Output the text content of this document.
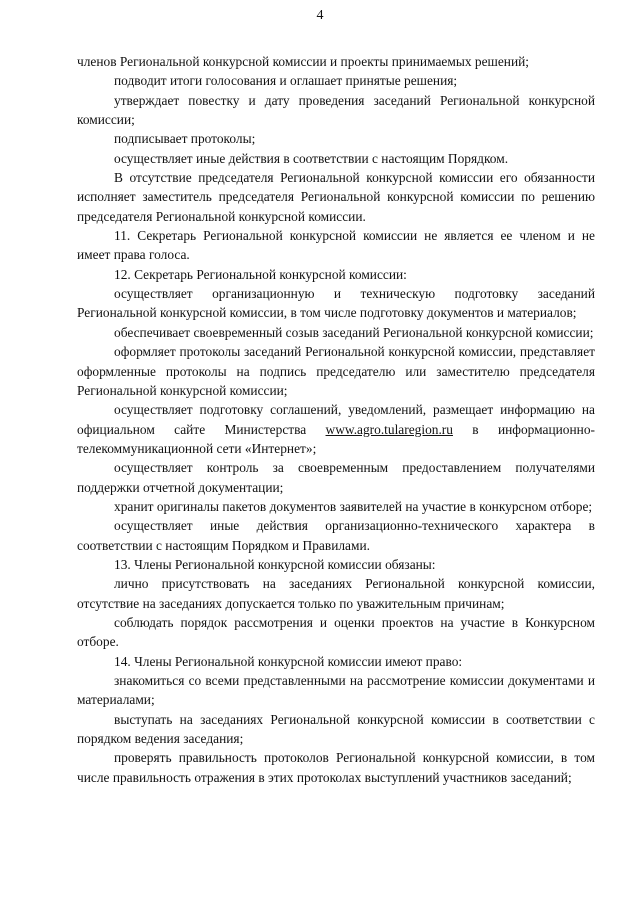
4

членов Региональной конкурсной комиссии и проекты принимаемых решений;

подводит итоги голосования и оглашает принятые решения;

утверждает повестку и дату проведения заседаний Региональной конкурсной комиссии;

подписывает протоколы;

осуществляет иные действия в соответствии с настоящим Порядком.

В отсутствие председателя Региональной конкурсной комиссии его обязанности исполняет заместитель председателя Региональной конкурсной комиссии по решению председателя Региональной конкурсной комиссии.

11. Секретарь Региональной конкурсной комиссии не является ее членом и не имеет права голоса.

12. Секретарь Региональной конкурсной комиссии:

осуществляет организационную и техническую подготовку заседаний Региональной конкурсной комиссии, в том числе подготовку документов и материалов;

обеспечивает своевременный созыв заседаний Региональной конкурсной комиссии;

оформляет протоколы заседаний Региональной конкурсной комиссии, представляет оформленные протоколы на подпись председателю или заместителю председателя Региональной конкурсной комиссии;

осуществляет подготовку соглашений, уведомлений, размещает информацию на официальном сайте Министерства www.agro.tularegion.ru в информационно-телекоммуникационной сети «Интернет»;

осуществляет контроль за своевременным предоставлением получателями поддержки отчетной документации;

хранит оригиналы пакетов документов заявителей на участие в конкурсном отборе;

осуществляет иные действия организационно-технического характера в соответствии с настоящим Порядком и Правилами.

13. Члены Региональной конкурсной комиссии обязаны:

лично присутствовать на заседаниях Региональной конкурсной комиссии, отсутствие на заседаниях допускается только по уважительным причинам;

соблюдать порядок рассмотрения и оценки проектов на участие в Конкурсном отборе.

14. Члены Региональной конкурсной комиссии имеют право:

знакомиться со всеми представленными на рассмотрение комиссии документами и материалами;

выступать на заседаниях Региональной конкурсной комиссии в соответствии с порядком ведения заседания;

проверять правильность протоколов Региональной конкурсной комиссии, в том числе правильность отражения в этих протоколах выступлений участников заседаний;
